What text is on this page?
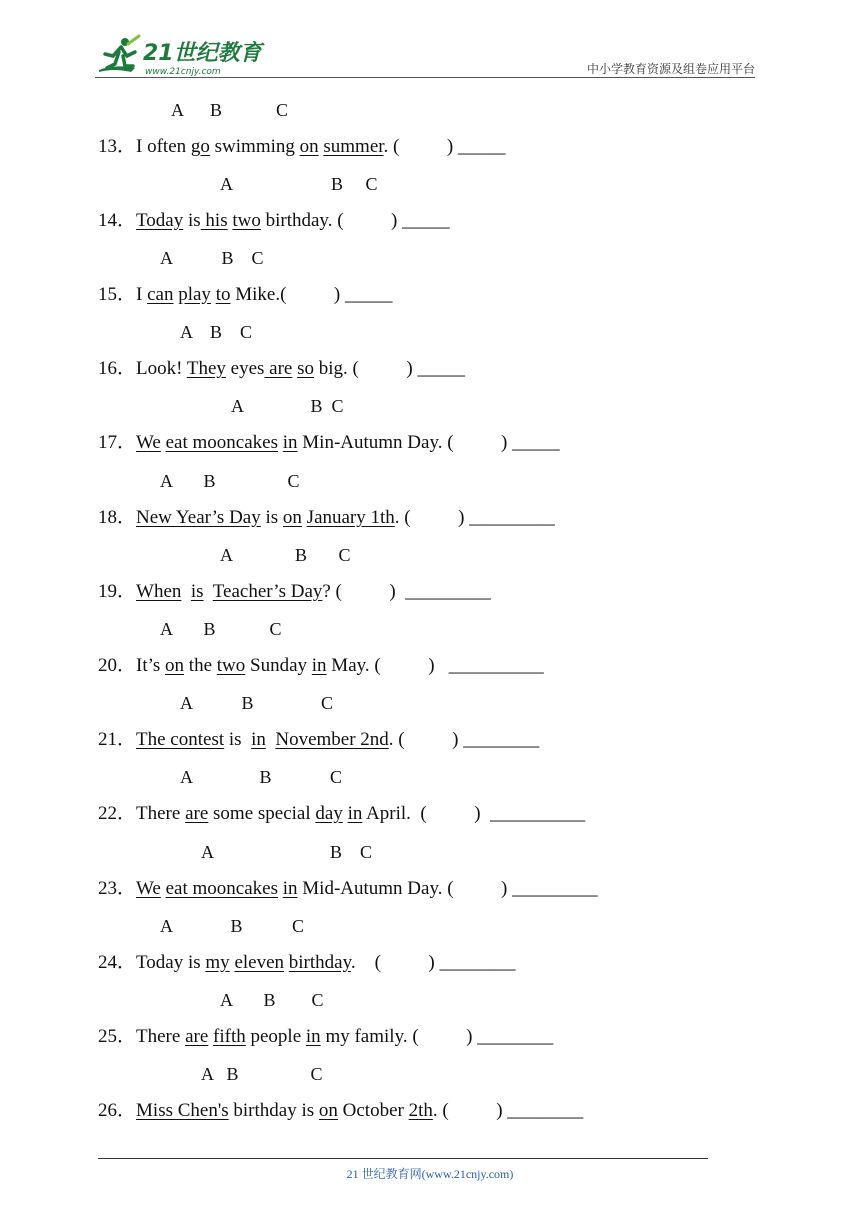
21世纪教育
www.21cnjy.com	中小学教育资源及组卷应用平台
A      B            C
13．I often go swimming on summer. (          ) _____
A                      B     C
14．Today is his two birthday. (          ) _____
A           B    C
15．I can play to Mike.(          ) _____
A    B    C
16．Look! They eyes are so big. (          ) _____
A               B  C
17．We eat mooncakes in Min-Autumn Day. (          ) _____
A       B                C
18．New Year’s Day is on January 1th. (          ) _________
A              B       C
19．When is Teacher’s Day? (          )  _________
A       B            C
20．It’s on the two Sunday in May. (          )   __________
A           B               C
21．The contest is  in November 2nd. (          ) ________
A               B             C
22．There are some special day in April.  (          )  __________
A                          B    C
23．We eat mooncakes in Mid-Autumn Day. (          ) _________
A             B           C
24．Today is my eleven birthday.    (          ) ________
A       B        C
25．There are fifth people in my family. (          ) ________
A   B                C
26．Miss Chen's birthday is on October 2th. (          ) ________
21 世纪教育网(www.21cnjy.com)
